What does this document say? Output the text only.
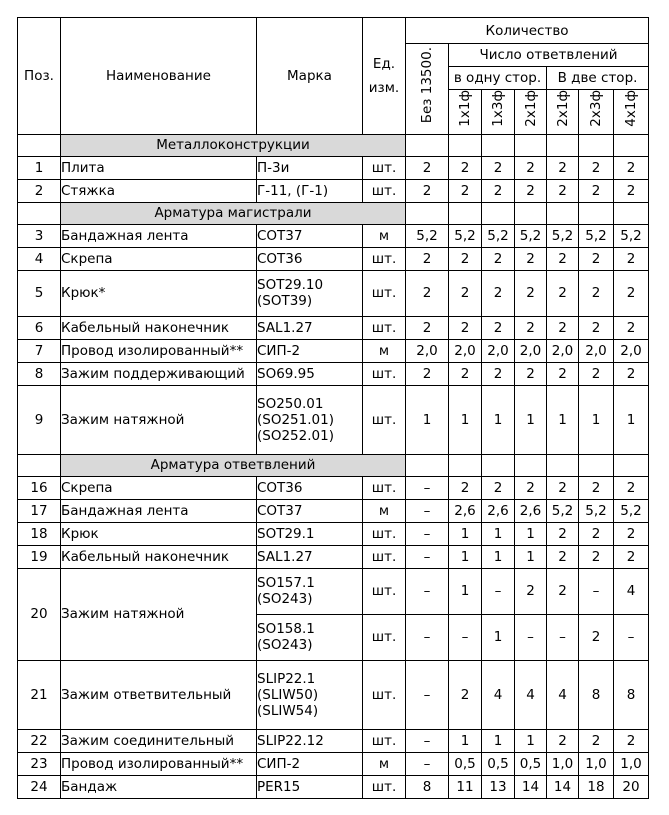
Поз.	Наименование	Марка	Ед. изм.	Количество						
				Без 13500.	Число ответвлений					
					в одну стор.			В две стор.		
					1х1ф	1х3ф	2х1ф	2х1ф	2х3ф	4х1ф
	Металлоконструкции									
1	Плита	П-3и	шт.	2	2	2	2	2	2	2
2	Стяжка	Г-11, (Г-1)	шт.	2	2	2	2	2	2	2
	Арматура магистрали									
3	Бандажная лента	COT37	м	5,2	5,2	5,2	5,2	5,2	5,2	5,2
4	Скрепа	COT36	шт.	2	2	2	2	2	2	2
5	Крюк*	SOT29.10
(SOT39)	шт.	2	2	2	2	2	2	2
6	Кабельный наконечник	SAL1.27	шт.	2	2	2	2	2	2	2
7	Провод изолированный**	СИП-2	м	2,0	2,0	2,0	2,0	2,0	2,0	2,0
8	Зажим поддерживающий	SO69.95	шт.	2	2	2	2	2	2	2
9	Зажим натяжной	SO250.01
(SO251.01)
(SO252.01)	шт.	1	1	1	1	1	1	1
	Арматура ответвлений									
16	Скрепа	COT36	шт.	–	2	2	2	2	2	2
17	Бандажная лента	COT37	м	–	2,6	2,6	2,6	5,2	5,2	5,2
18	Крюк	SOT29.1	шт.	–	1	1	1	2	2	2
19	Кабельный наконечник	SAL1.27	шт.	–	1	1	1	2	2	2
20	Зажим натяжной	SO157.1
(SO243)	шт.	–	1	–	2	2	–	4

		SO158.1
(SO243)	шт.	–	–	1	–	–	2	–
21	Зажим ответвительный	SLIP22.1
(SLIW50)
(SLIW54)	шт.	–	2	4	4	4	8	8
22	Зажим соединительный	SLIP22.12	шт.	–	1	1	1	2	2	2
23	Провод изолированный**	СИП-2	м	–	0,5	0,5	0,5	1,0	1,0	1,0
24	Бандаж	PER15	шт.	8	11	13	14	14	18	20
